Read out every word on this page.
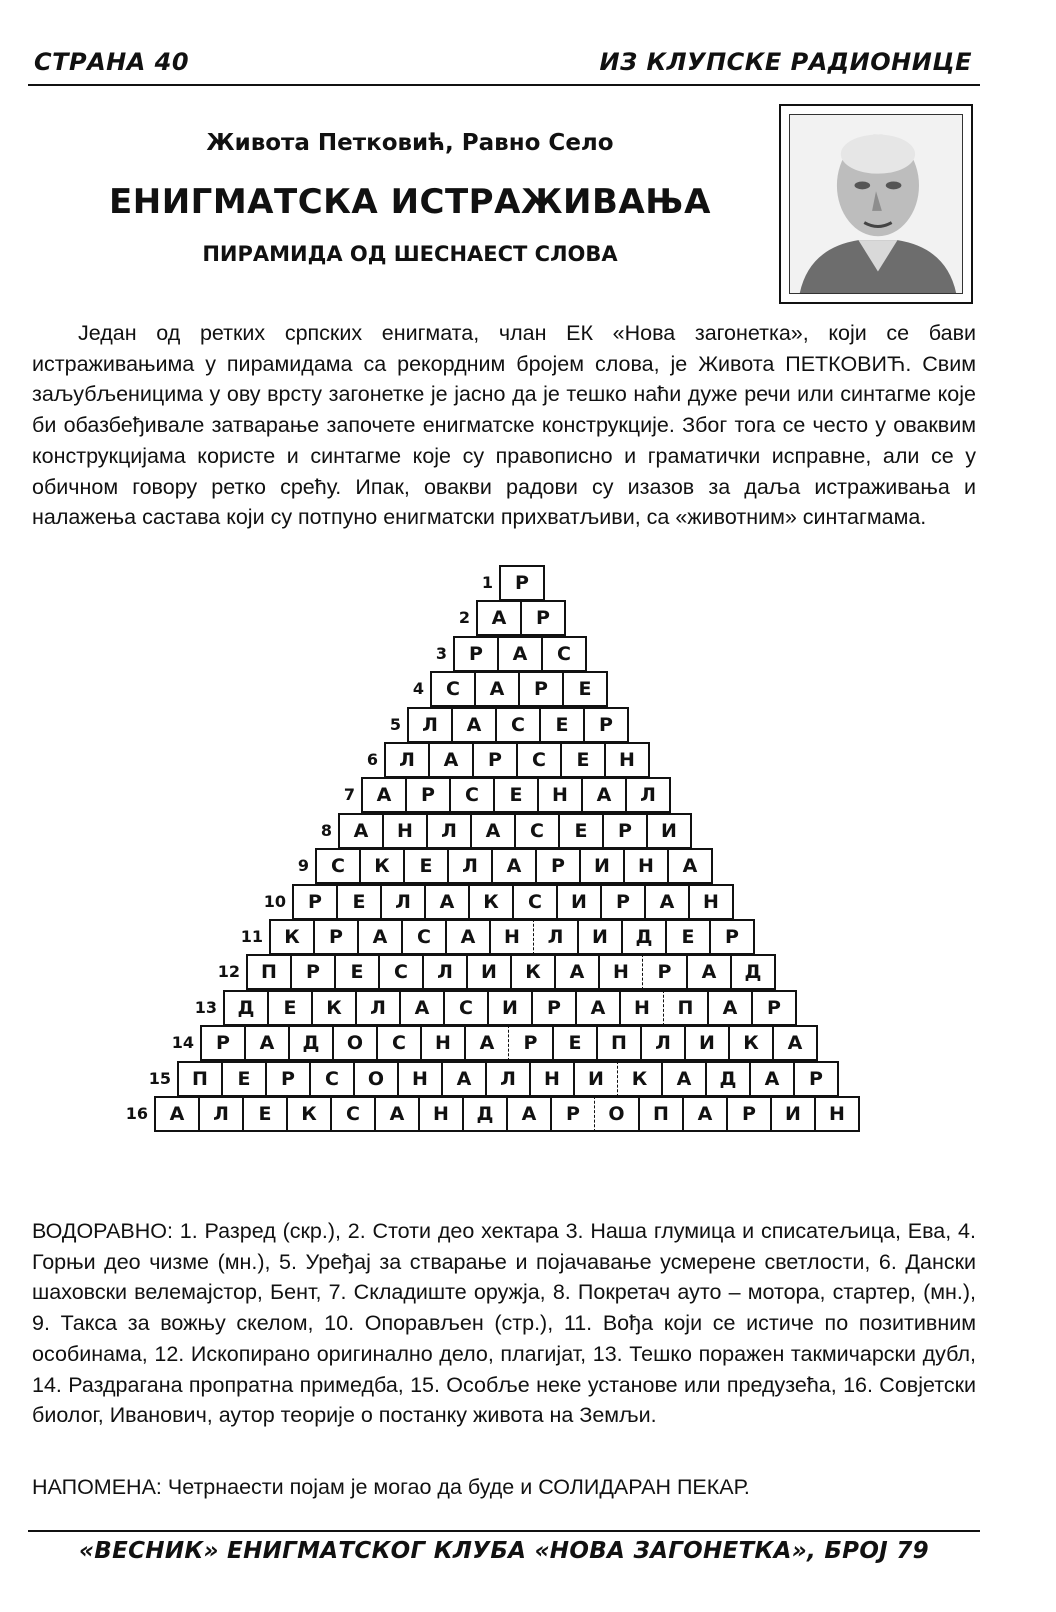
СТРАНА 40	ИЗ КЛУПСКЕ РАДИОНИЦЕ
Живота Петковић, Равно Село
ЕНИГМАТСКА ИСТРАЖИВАЊА
ПИРАМИДА ОД ШЕСНАЕСТ СЛОВА

Један од ретких српских енигмата, члан ЕК «Нова загонетка», који се бави истраживањима у пирамидама са рекордним бројем слова, је Живота ПЕТКОВИЋ. Свим заљубљеницима у ову врсту загонетке је јасно да је тешко наћи дуже речи или синтагме које би обазбеђивале затварање започете енигматске конструкције. Због тога се често у оваквим конструкцијама користе и синтагме које су правописно и граматички исправне, али се у обичном говору ретко срећу. Ипак, овакви радови су изазов за даља истраживања и налажења састава који су потпуно енигматски прихватљиви, са «животним» синтагмама.

1	Р
2	А	Р
3	Р	А	С
4	С	А	Р	Е
5	Л	А	С	Е	Р
6	Л	А	Р	С	Е	Н
7	А	Р	С	Е	Н	А	Л
8	А	Н	Л	А	С	Е	Р	И
9	С	К	Е	Л	А	Р	И	Н	А
10	Р	Е	Л	А	К	С	И	Р	А	Н
11	К	Р	А	С	А	Н	Л	И	Д	Е	Р
12	П	Р	Е	С	Л	И	К	А	Н	Р	А	Д
13	Д	Е	К	Л	А	С	И	Р	А	Н	П	А	Р
14	Р	А	Д	О	С	Н	А	Р	Е	П	Л	И	К	А
15	П	Е	Р	С	О	Н	А	Л	Н	И	К	А	Д	А	Р
16	А	Л	Е	К	С	А	Н	Д	А	Р	О	П	А	Р	И	Н

ВОДОРАВНО: 1. Разред (скр.), 2. Стоти део хектара 3. Наша глумица и списатељица, Ева, 4. Горњи део чизме (мн.), 5. Уређај за стварање и појачавање усмерене светлости, 6. Дански шаховски велемајстор, Бент, 7. Складиште оружја, 8. Покретач ауто – мотора, стартер, (мн.), 9. Такса за вожњу скелом, 10. Опорављен (стр.), 11. Вођа који се истиче по позитивним особинама, 12. Ископирано оригинално дело, плагијат, 13. Тешко поражен такмичарски дубл, 14. Раздрагана пропратна примедба, 15. Особље неке установе или предузећа, 16. Совјетски биолог, Иванович, аутор теорије о постанку живота на Земљи.

НАПОМЕНА: Четрнаести појам је могао да буде и СОЛИДАРАН ПЕКАР.

«ВЕСНИК» ЕНИГМАТСКОГ КЛУБА «НОВА ЗАГОНЕТКА», БРОЈ 79
